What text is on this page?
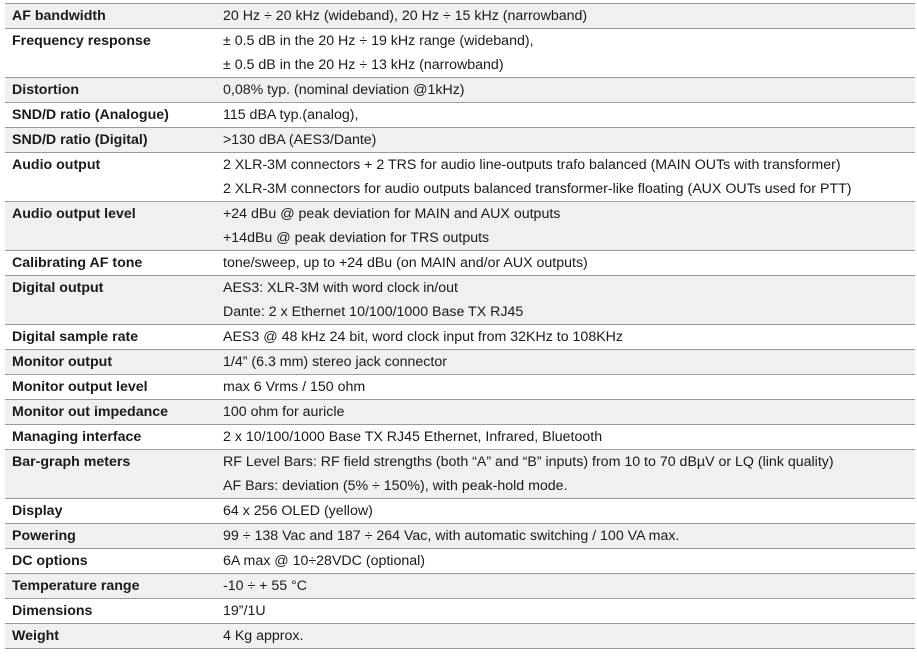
AF bandwidth	20 Hz ÷ 20 kHz (wideband), 20 Hz ÷ 15 kHz (narrowband)

Frequency response	± 0.5 dB in the 20 Hz ÷ 19 kHz range (wideband),
± 0.5 dB in the 20 Hz ÷ 13 kHz (narrowband)

Distortion	0,08% typ. (nominal deviation @1kHz)

SND/D ratio (Analogue)	115 dBA typ.(analog),

SND/D ratio (Digital)	>130 dBA (AES3/Dante)

Audio output	2 XLR-3M connectors + 2 TRS for audio line-outputs trafo balanced (MAIN OUTs with transformer)
2 XLR-3M connectors for audio outputs balanced transformer-like floating (AUX OUTs used for PTT)

Audio output level	+24 dBu @ peak deviation for MAIN and AUX outputs
+14dBu @ peak deviation for TRS outputs

Calibrating AF tone	tone/sweep, up to +24 dBu (on MAIN and/or AUX outputs)

Digital output	AES3: XLR-3M with word clock in/out
Dante: 2 x Ethernet 10/100/1000 Base TX RJ45

Digital sample rate	AES3 @ 48 kHz 24 bit, word clock input from 32KHz to 108KHz

Monitor output	1/4” (6.3 mm) stereo jack connector

Monitor output level	max 6 Vrms / 150 ohm

Monitor out impedance	100 ohm for auricle

Managing interface	2 x 10/100/1000 Base TX RJ45 Ethernet, Infrared, Bluetooth

Bar-graph meters	RF Level Bars: RF field strengths (both “A” and “B” inputs) from 10 to 70 dBµV or LQ (link quality)
AF Bars: deviation (5% ÷ 150%), with peak-hold mode.

Display	64 x 256 OLED (yellow)

Powering	99 ÷ 138 Vac and 187 ÷ 264 Vac, with automatic switching / 100 VA max.

DC options	6A max @ 10÷28VDC (optional)

Temperature range	-10 ÷ + 55 °C

Dimensions	19”/1U

Weight	4 Kg approx.
